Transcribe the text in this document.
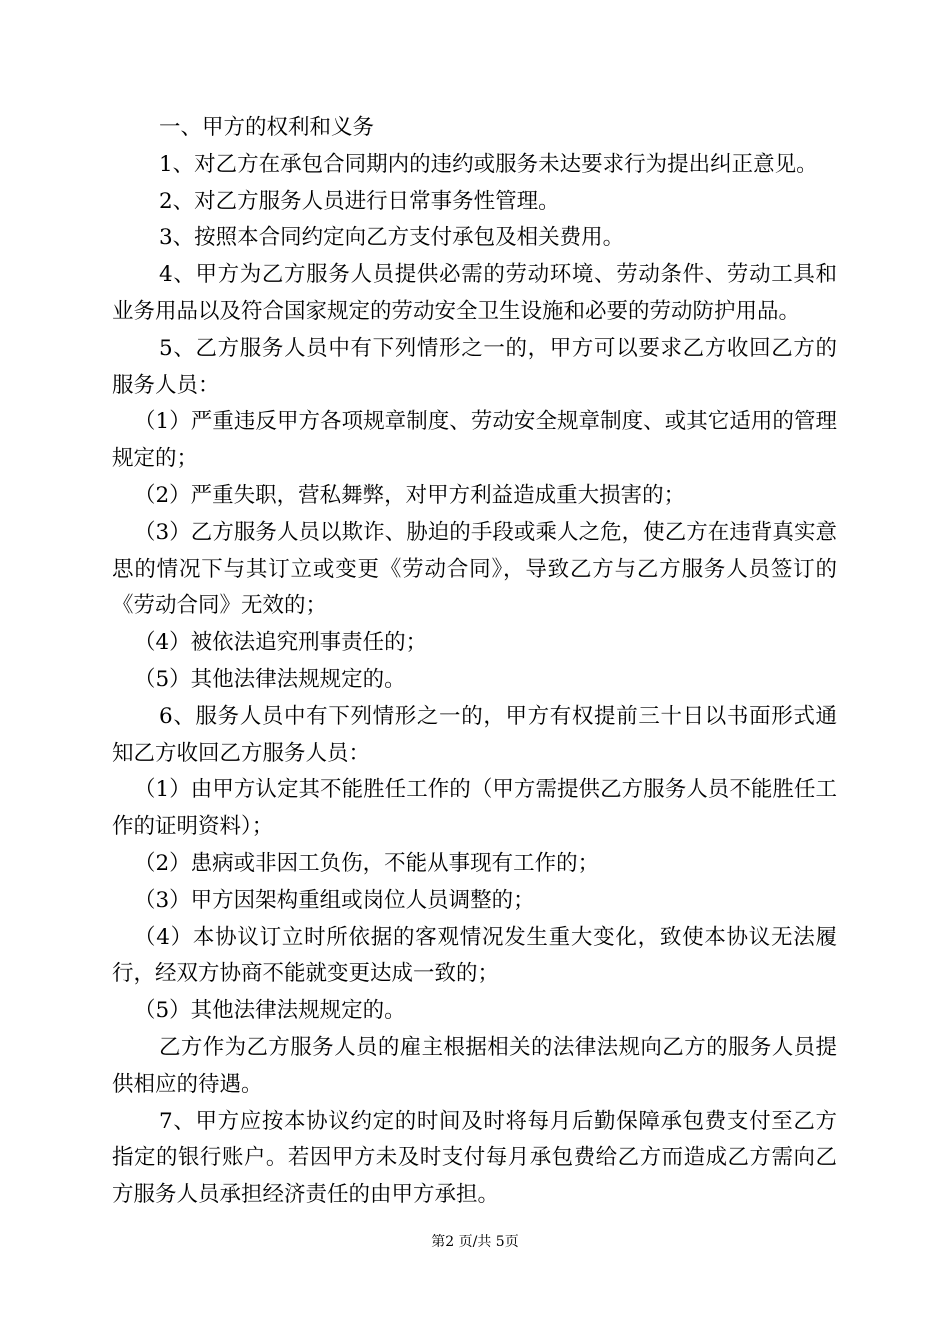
一、甲方的权利和义务

1、对乙方在承包合同期内的违约或服务未达要求行为提出纠正意见。

2、对乙方服务人员进行日常事务性管理。

3、按照本合同约定向乙方支付承包及相关费用。

4、甲方为乙方服务人员提供必需的劳动环境、劳动条件、劳动工具和业务用品以及符合国家规定的劳动安全卫生设施和必要的劳动防护用品。

5、乙方服务人员中有下列情形之一的，甲方可以要求乙方收回乙方的服务人员：

（1）严重违反甲方各项规章制度、劳动安全规章制度、或其它适用的管理规定的；

（2）严重失职，营私舞弊，对甲方利益造成重大损害的；

（3）乙方服务人员以欺诈、胁迫的手段或乘人之危，使乙方在违背真实意思的情况下与其订立或变更《劳动合同》，导致乙方与乙方服务人员签订的《劳动合同》无效的；

（4）被依法追究刑事责任的；

（5）其他法律法规规定的。

6、服务人员中有下列情形之一的，甲方有权提前三十日以书面形式通知乙方收回乙方服务人员：

（1）由甲方认定其不能胜任工作的（甲方需提供乙方服务人员不能胜任工作的证明资料）；

（2）患病或非因工负伤，不能从事现有工作的；

（3）甲方因架构重组或岗位人员调整的；

（4）本协议订立时所依据的客观情况发生重大变化，致使本协议无法履行，经双方协商不能就变更达成一致的；

（5）其他法律法规规定的。

乙方作为乙方服务人员的雇主根据相关的法律法规向乙方的服务人员提供相应的待遇。

7、甲方应按本协议约定的时间及时将每月后勤保障承包费支付至乙方指定的银行账户。若因甲方未及时支付每月承包费给乙方而造成乙方需向乙方服务人员承担经济责任的由甲方承担。

第2 页/共 5页
